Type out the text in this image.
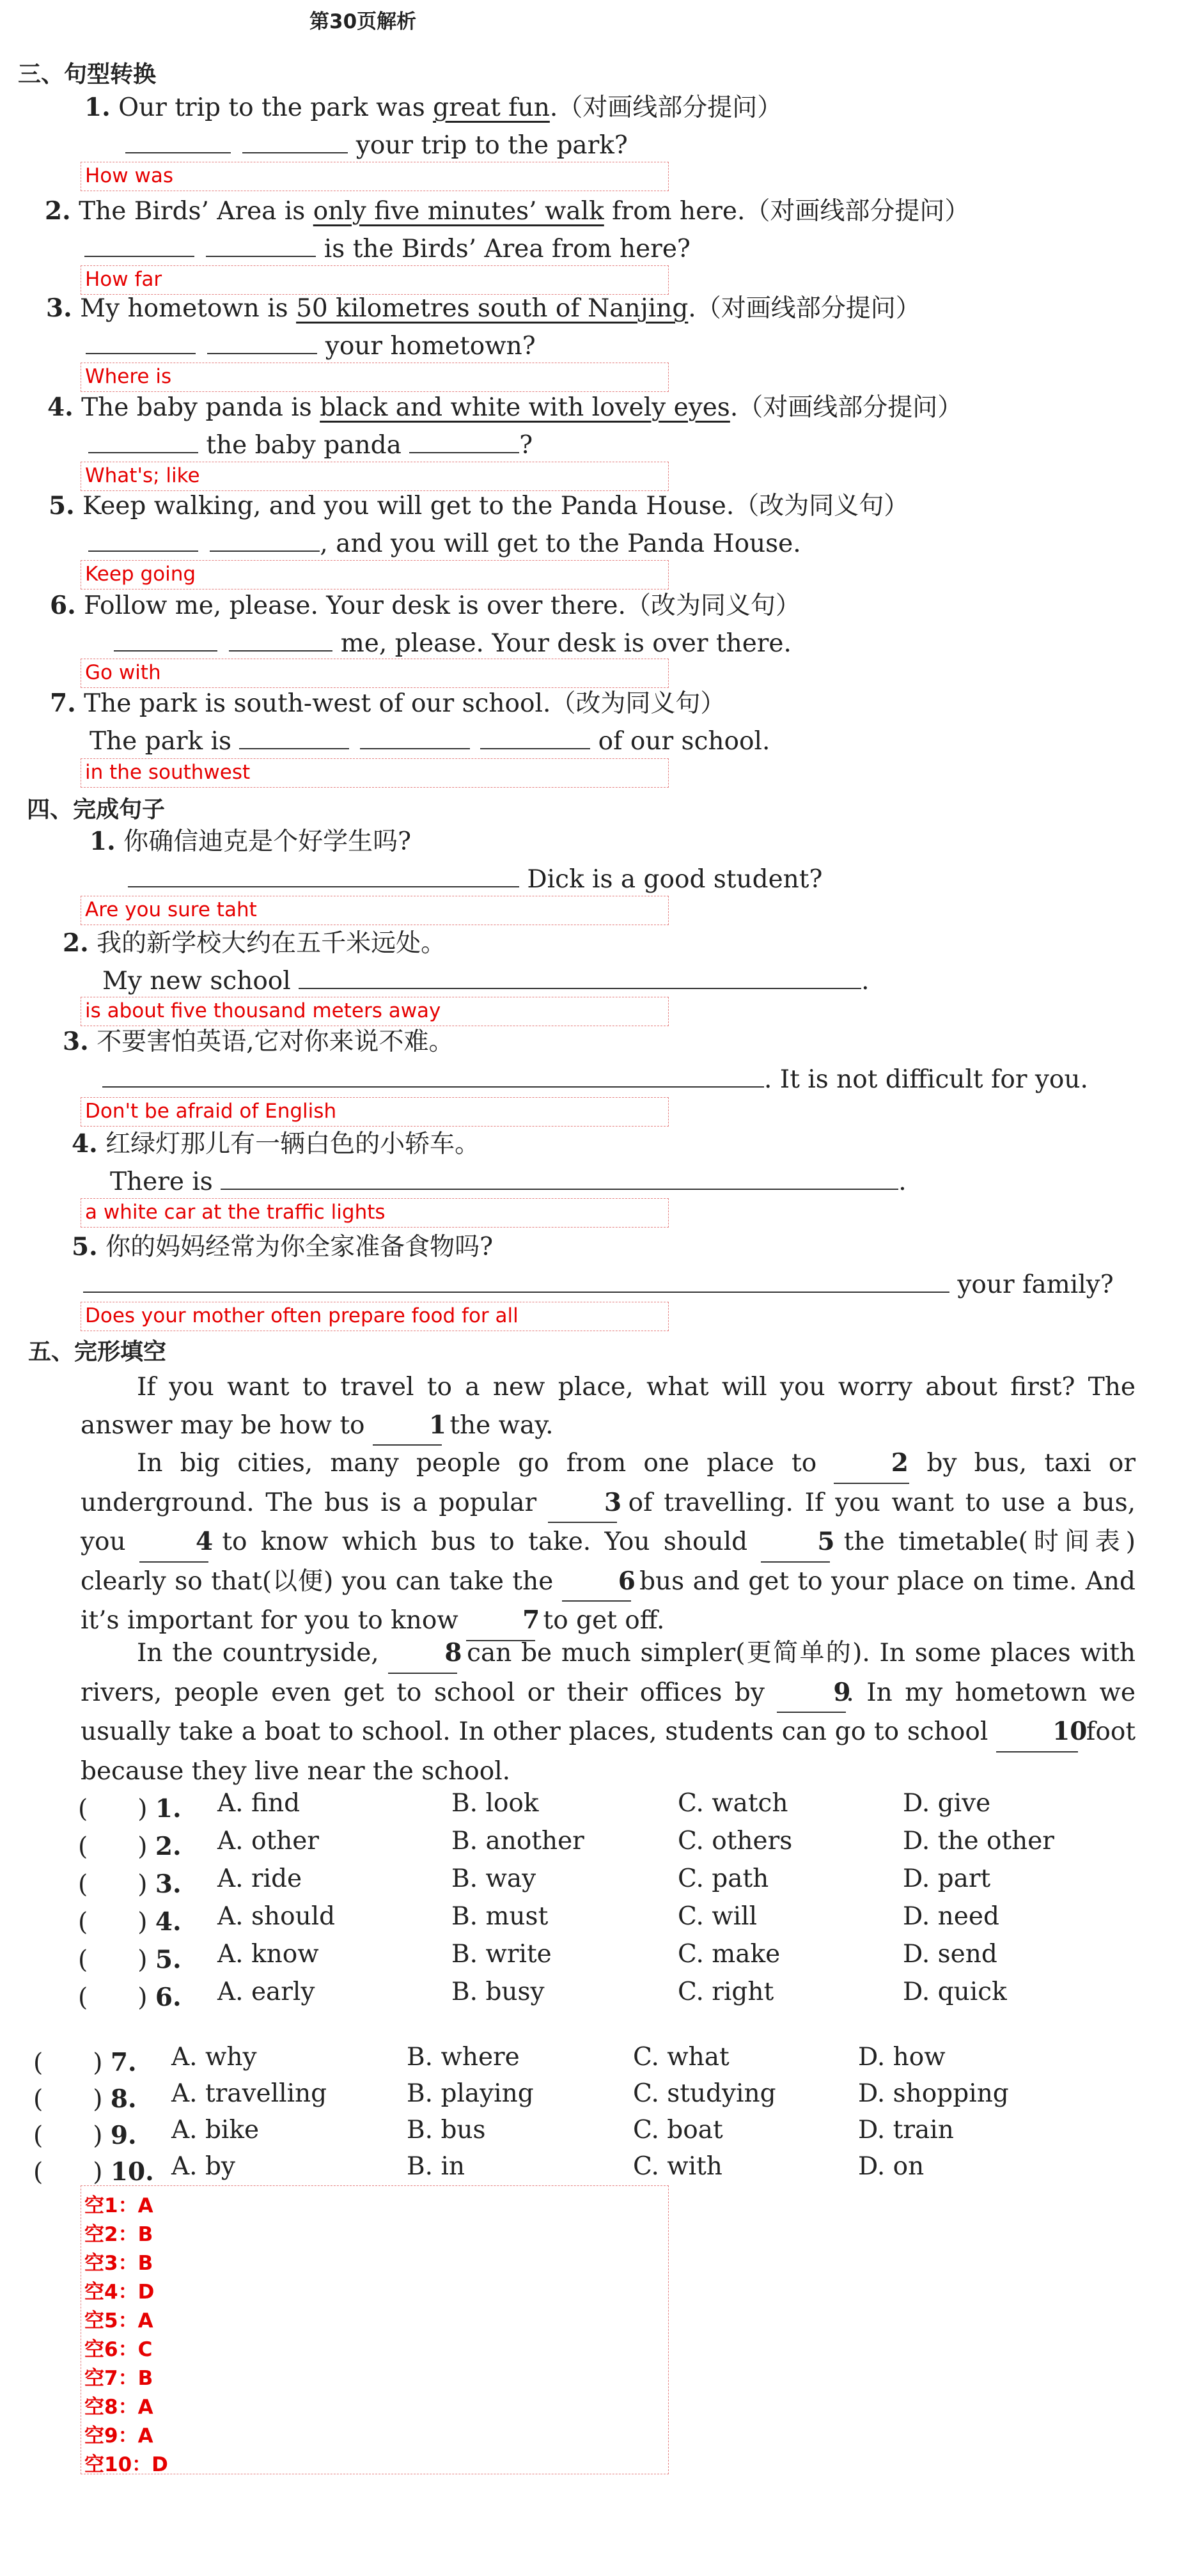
第30页解析
三、句型转换
1. Our trip to the park was great fun.（对画线部分提问）
your trip to the park?
How was
2. The Birds’ Area is only five minutes’ walk from here.（对画线部分提问）
is the Birds’ Area from here?
How far
3. My hometown is 50 kilometres south of Nanjing.（对画线部分提问）
your hometown?
Where is
4. The baby panda is black and white with lovely eyes.（对画线部分提问）
the baby panda	?
What's; like
5. Keep walking, and you will get to the Panda House.（改为同义句）
, and you will get to the Panda House.
Keep going
6. Follow me, please. Your desk is over there.（改为同义句）
me, please. Your desk is over there.
Go with
7. The park is south-west of our school.（改为同义句）
The park is	of our school.
in the southwest
四、完成句子
1. 你确信迪克是个好学生吗?
Dick is a good student?
Are you sure taht
2. 我的新学校大约在五千米远处。
My new school	.
is about five thousand meters away
3. 不要害怕英语,它对你来说不难。
. It is not difficult for you.
Don't be afraid of English
4. 红绿灯那儿有一辆白色的小轿车。
There is	.
a white car at the traffic lights
5. 你的妈妈经常为你全家准备食物吗?
your family?
Does your mother often prepare food for all
五、完形填空
If you want to travel to a new place, what will you worry about first? The answer may be how to 1 the way.
In big cities, many people go from one place to 2 by bus, taxi or underground. The bus is a popular 3 of travelling. If you want to use a bus, you 4 to know which bus to take. You should 5 the timetable(时间表) clearly so that(以便) you can take the 6 bus and get to your place on time. And it’s important for you to know 7 to get off.
In the countryside, 8 can be much simpler(更简单的). In some places with rivers, people even get to school or their offices by 9. In my hometown we usually take a boat to school. In other places, students can go to school 10 foot because they live near the school.
(　　) 1. A. find	B. look	C. watch	D. give
(　　) 2. A. other	B. another	C. others	D. the other
(　　) 3. A. ride	B. way	C. path	D. part
(　　) 4. A. should	B. must	C. will	D. need
(　　) 5. A. know	B. write	C. make	D. send
(　　) 6. A. early	B. busy	C. right	D. quick
(　　) 7. A. why	B. where	C. what	D. how
(　　) 8. A. travelling	B. playing	C. studying	D. shopping
(　　) 9. A. bike	B. bus	C. boat	D. train
(　　) 10. A. by	B. in	C. with	D. on
空1：A
空2：B
空3：B
空4：D
空5：A
空6：C
空7：B
空8：A
空9：A
空10：D
